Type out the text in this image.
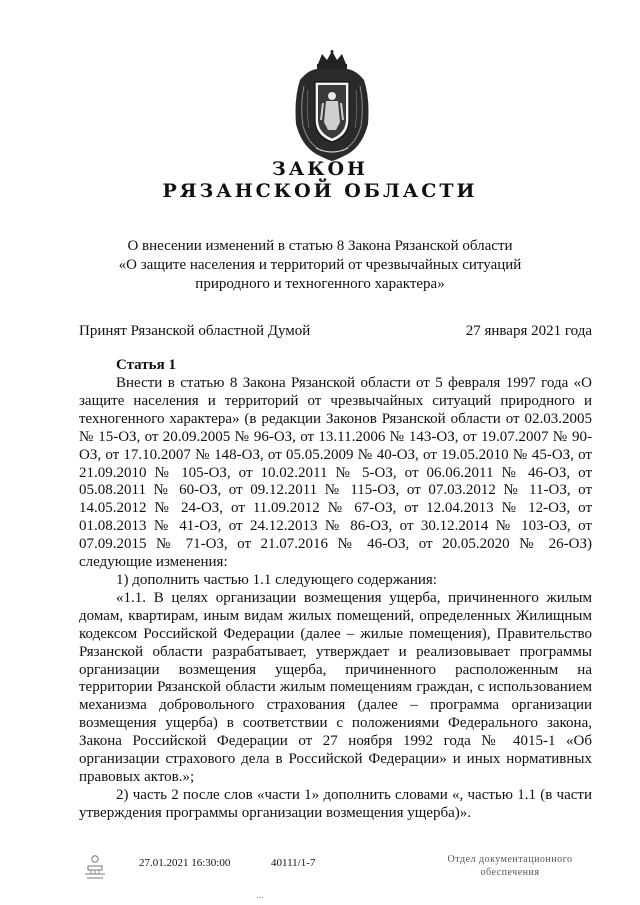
ЗАКОН
РЯЗАНСКОЙ ОБЛАСТИ
О внесении изменений в статью 8 Закона Рязанской области
«О защите населения и территорий от чрезвычайных ситуаций
природного и техногенного характера»
Принят Рязанской областной Думой	27 января 2021 года
Статья 1

Внести в статью 8 Закона Рязанской области от 5 февраля 1997 года «О защите населения и территорий от чрезвычайных ситуаций природного и техногенного характера» (в редакции Законов Рязанской области от 02.03.2005 № 15-ОЗ, от 20.09.2005 № 96-ОЗ, от 13.11.2006 № 143-ОЗ, от 19.07.2007 № 90-ОЗ, от 17.10.2007 № 148-ОЗ, от 05.05.2009 № 40-ОЗ, от 19.05.2010 № 45-ОЗ, от 21.09.2010 № 105-ОЗ, от 10.02.2011 № 5-ОЗ, от 06.06.2011 № 46-ОЗ, от 05.08.2011 № 60-ОЗ, от 09.12.2011 № 115-ОЗ, от 07.03.2012 № 11-ОЗ, от 14.05.2012 № 24-ОЗ, от 11.09.2012 № 67-ОЗ, от 12.04.2013 № 12-ОЗ, от 01.08.2013 № 41-ОЗ, от 24.12.2013 № 86-ОЗ, от 30.12.2014 № 103-ОЗ, от 07.09.2015 № 71-ОЗ, от 21.07.2016 № 46-ОЗ, от 20.05.2020 № 26-ОЗ) следующие изменения:

1) дополнить частью 1.1 следующего содержания:

«1.1. В целях организации возмещения ущерба, причиненного жилым домам, квартирам, иным видам жилых помещений, определенных Жилищным кодексом Российской Федерации (далее – жилые помещения), Правительство Рязанской области разрабатывает, утверждает и реализовывает программы организации возмещения ущерба, причиненного расположенным на территории Рязанской области жилым помещениям граждан, с использованием механизма добровольного страхования (далее – программа организации возмещения ущерба) в соответствии с положениями Федерального закона, Закона Российской Федерации от 27 ноября 1992 года № 4015-1 «Об организации страхового дела в Российской Федерации» и иных нормативных правовых актов.»;

2) часть 2 после слов «части 1» дополнить словами «, частью 1.1 (в части утверждения программы организации возмещения ущерба)».

27.01.2021 16:30:00	40111/1-7	Отдел документационного
обеспечения
...
